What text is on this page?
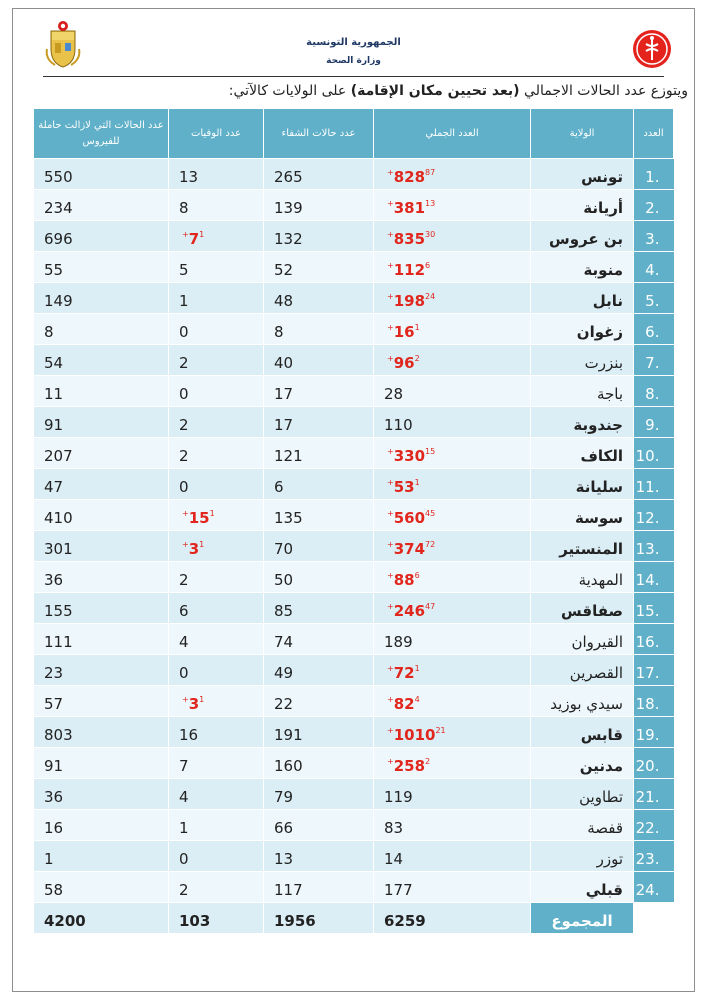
الجمهورية التونسية
وزارة الصحة
ويتوزع عدد الحالات الاجمالي (بعد تحيين مكان الإقامة) على الولايات كالآتي:
العدد	الولاية	العدد الجملي	عدد حالات الشفاء	عدد الوفيات	عدد الحالات التي لازالت حاملة للفيروس
.1	تونس	$828^{87+}$	265	13	550
.2	أريانة	$381^{13+}$	139	8	234
.3	بن عروس	$835^{30+}$	132	$7^{1+}$	696
.4	منوبة	$112^{6+}$	52	5	55
.5	نابل	$198^{24+}$	48	1	149
.6	زغوان	$16^{1+}$	8	0	8
.7	بنزرت	$96^{2+}$	40	2	54
.8	باجة	28	17	0	11
.9	جندوبة	110	17	2	91
.10	الكاف	$330^{15+}$	121	2	207
.11	سليانة	$53^{1+}$	6	0	47
.12	سوسة	$560^{45+}$	135	$15^{1+}$	410
.13	المنستير	$374^{72+}$	70	$3^{1+}$	301
.14	المهدية	$88^{6+}$	50	2	36
.15	صفاقس	$246^{47+}$	85	6	155
.16	القيروان	189	74	4	111
.17	القصرين	$72^{1+}$	49	0	23
.18	سيدي بوزيد	$82^{4+}$	22	$3^{1+}$	57
.19	قابس	$1010^{21+}$	191	16	803
.20	مدنين	$258^{2+}$	160	7	91
.21	تطاوين	119	79	4	36
.22	قفصة	83	66	1	16
.23	توزر	14	13	0	1
.24	قبلي	177	117	2	58
	المجموع	6259	1956	103	4200
